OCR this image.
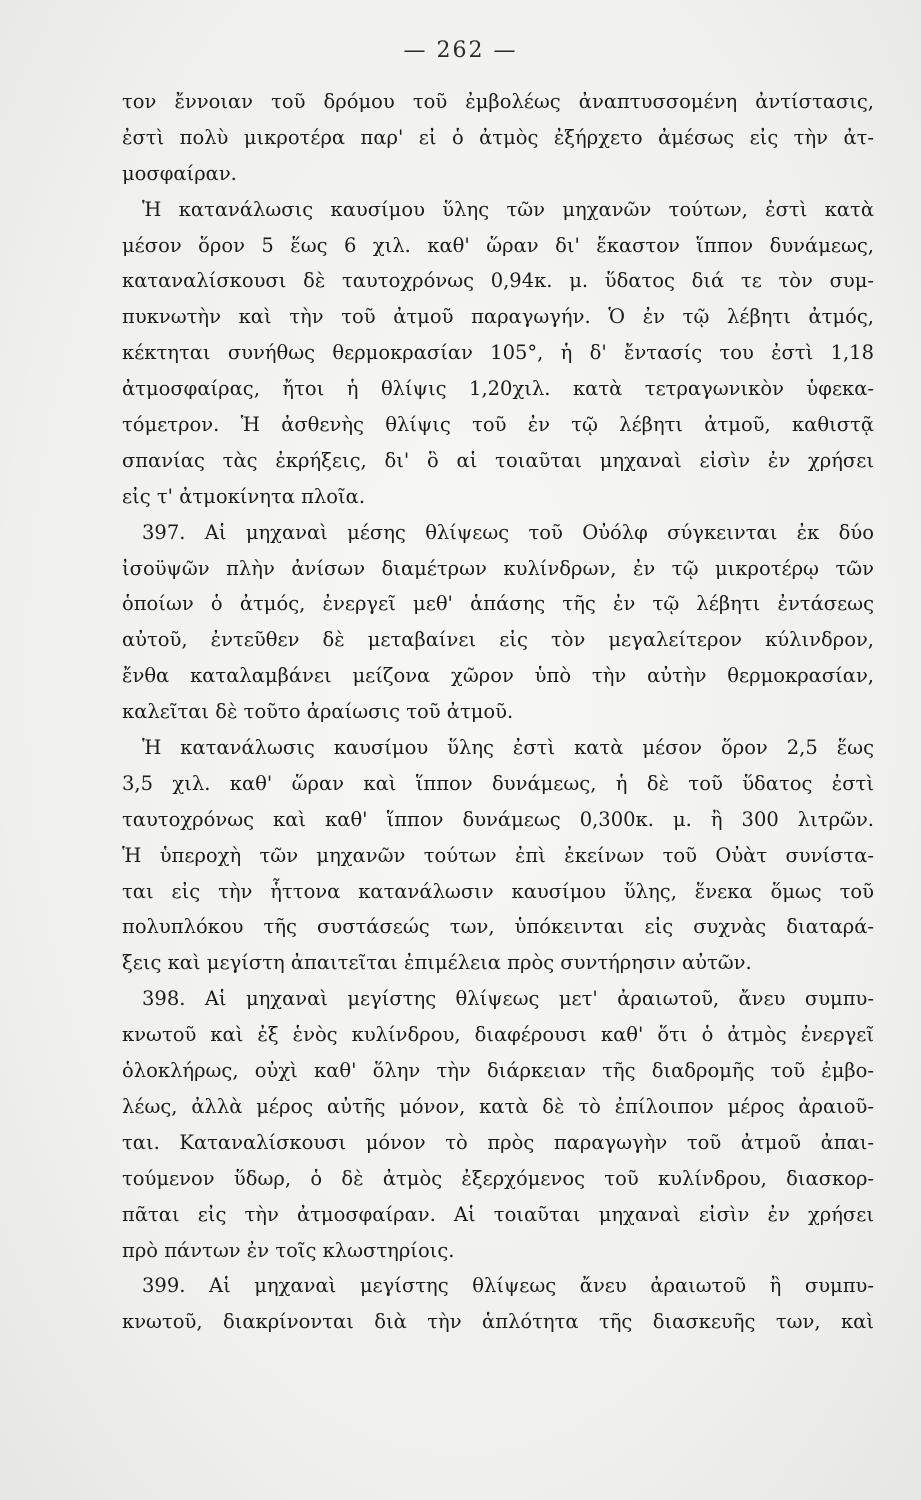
— 262 —
τον ἔννοιαν τοῦ δρόμου τοῦ ἐμβολέως ἀναπτυσσομένη ἀντίστασις,
ἐστὶ πολὺ μικροτέρα παρ' εἰ ὁ ἀτμὸς ἐξήρχετο ἀμέσως εἰς τὴν ἀτ-
μοσφαίραν.
Ἡ κατανάλωσις καυσίμου ὕλης τῶν μηχανῶν τούτων, ἐστὶ κατὰ
μέσον ὅρον 5 ἕως 6 χιλ. καθ' ὥραν δι' ἕκαστον ἵππον δυνάμεως,
καταναλίσκουσι δὲ ταυτοχρόνως 0,94κ. μ. ὕδατος διά τε τὸν συμ-
πυκνωτὴν καὶ τὴν τοῦ ἀτμοῦ παραγωγήν. Ὁ ἐν τῷ λέβητι ἀτμός,
κέκτηται συνήθως θερμοκρασίαν 105°, ἡ δ' ἔντασίς του ἐστὶ 1,18
ἀτμοσφαίρας, ἤτοι ἡ θλίψις 1,20χιλ. κατὰ τετραγωνικὸν ὑφεκα-
τόμετρον. Ἡ ἀσθενὴς θλίψις τοῦ ἐν τῷ λέβητι ἀτμοῦ, καθιστᾷ
σπανίας τὰς ἐκρήξεις, δι' ὃ αἱ τοιαῦται μηχαναὶ εἰσὶν ἐν χρήσει
εἰς τ' ἀτμοκίνητα πλοῖα.
397. Αἱ μηχαναὶ μέσης θλίψεως τοῦ Οὐόλφ σύγκεινται ἐκ δύο
ἰσοϋψῶν πλὴν ἀνίσων διαμέτρων κυλίνδρων, ἐν τῷ μικροτέρῳ τῶν
ὁποίων ὁ ἀτμός, ἐνεργεῖ μεθ' ἁπάσης τῆς ἐν τῷ λέβητι ἐντάσεως
αὐτοῦ, ἐντεῦθεν δὲ μεταβαίνει εἰς τὸν μεγαλείτερον κύλινδρον,
ἔνθα καταλαμβάνει μείζονα χῶρον ὑπὸ τὴν αὐτὴν θερμοκρασίαν,
καλεῖται δὲ τοῦτο ἀραίωσις τοῦ ἀτμοῦ.
Ἡ κατανάλωσις καυσίμου ὕλης ἐστὶ κατὰ μέσον ὅρον 2,5 ἕως
3,5 χιλ. καθ' ὥραν καὶ ἵππον δυνάμεως, ἡ δὲ τοῦ ὕδατος ἐστὶ
ταυτοχρόνως καὶ καθ' ἵππον δυνάμεως 0,300κ. μ. ἢ 300 λιτρῶν.
Ἡ ὑπεροχὴ τῶν μηχανῶν τούτων ἐπὶ ἐκείνων τοῦ Οὐὰτ συνίστα-
ται εἰς τὴν ἧττονα κατανάλωσιν καυσίμου ὕλης, ἕνεκα ὅμως τοῦ
πολυπλόκου τῆς συστάσεώς των, ὑπόκεινται εἰς συχνὰς διαταρά-
ξεις καὶ μεγίστη ἀπαιτεῖται ἐπιμέλεια πρὸς συντήρησιν αὐτῶν.
398. Αἱ μηχαναὶ μεγίστης θλίψεως μετ' ἀραιωτοῦ, ἄνευ συμπυ-
κνωτοῦ καὶ ἐξ ἑνὸς κυλίνδρου, διαφέρουσι καθ' ὅτι ὁ ἀτμὸς ἐνεργεῖ
ὁλοκλήρως, οὐχὶ καθ' ὅλην τὴν διάρκειαν τῆς διαδρομῆς τοῦ ἐμβο-
λέως, ἀλλὰ μέρος αὐτῆς μόνον, κατὰ δὲ τὸ ἐπίλοιπον μέρος ἀραιοῦ-
ται. Καταναλίσκουσι μόνον τὸ πρὸς παραγωγὴν τοῦ ἀτμοῦ ἀπαι-
τούμενον ὕδωρ, ὁ δὲ ἀτμὸς ἐξερχόμενος τοῦ κυλίνδρου, διασκορ-
πᾶται εἰς τὴν ἀτμοσφαίραν. Αἱ τοιαῦται μηχαναὶ εἰσὶν ἐν χρήσει
πρὸ πάντων ἐν τοῖς κλωστηρίοις.
399. Αἱ μηχαναὶ μεγίστης θλίψεως ἄνευ ἀραιωτοῦ ἢ συμπυ-
κνωτοῦ, διακρίνονται διὰ τὴν ἁπλότητα τῆς διασκευῆς των, καὶ
